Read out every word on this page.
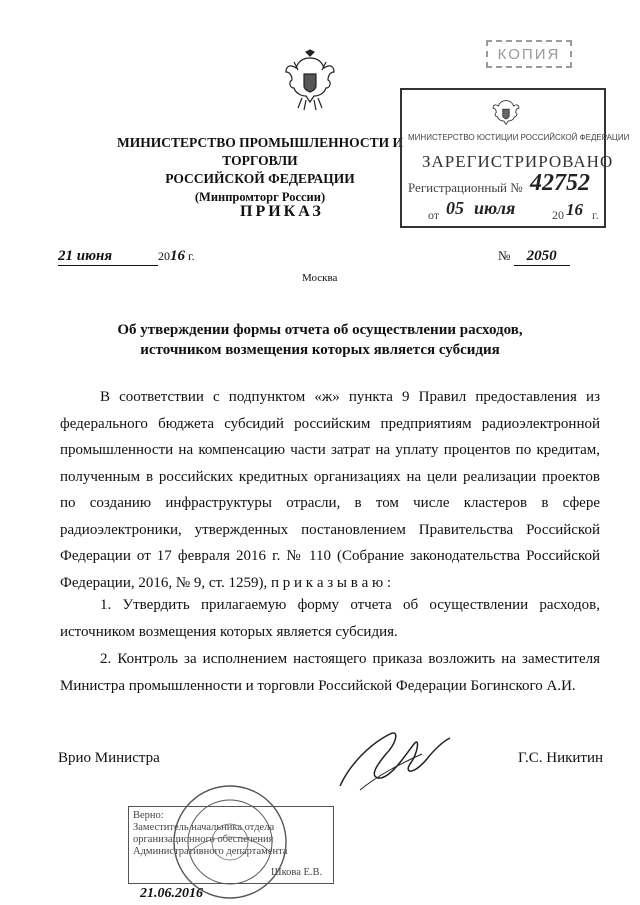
КОПИЯ
МИНИСТЕРСТВО ПРОМЫШЛЕННОСТИ И ТОРГОВЛИ
РОССИЙСКОЙ ФЕДЕРАЦИИ
(Минпромторг России)
ПРИКАЗ
МИНИСТЕРСТВО ЮСТИЦИИ РОССИЙСКОЙ ФЕДЕРАЦИИ
ЗАРЕГИСТРИРОВАНО
Регистрационный № 42752
от 05 июля	20 16 г.
21 июня	2016 г.	№ 2050
Москва
Об утверждении формы отчета об осуществлении расходов,
источником возмещения которых является субсидия
В соответствии с подпунктом «ж» пункта 9 Правил предоставления из федерального бюджета субсидий российским предприятиям радиоэлектронной промышленности на компенсацию части затрат на уплату процентов по кредитам, полученным в российских кредитных организациях на цели реализации проектов по созданию инфраструктуры отрасли, в том числе кластеров в сфере радиоэлектроники, утвержденных постановлением Правительства Российской Федерации от 17 февраля 2016 г. № 110 (Собрание законодательства Российской Федерации, 2016, № 9, ст. 1259), п р и к а з ы в а ю :
1. Утвердить прилагаемую форму отчета об осуществлении расходов, источником возмещения которых является субсидия.
2. Контроль за исполнением настоящего приказа возложить на заместителя Министра промышленности и торговли Российской Федерации Богинского А.И.
Врио Министра	Г.С. Никитин
Верно:
Заместитель начальника отдела
организационного обеспечения
Административного департамента
Шкова Е.В.
21.06.2016
